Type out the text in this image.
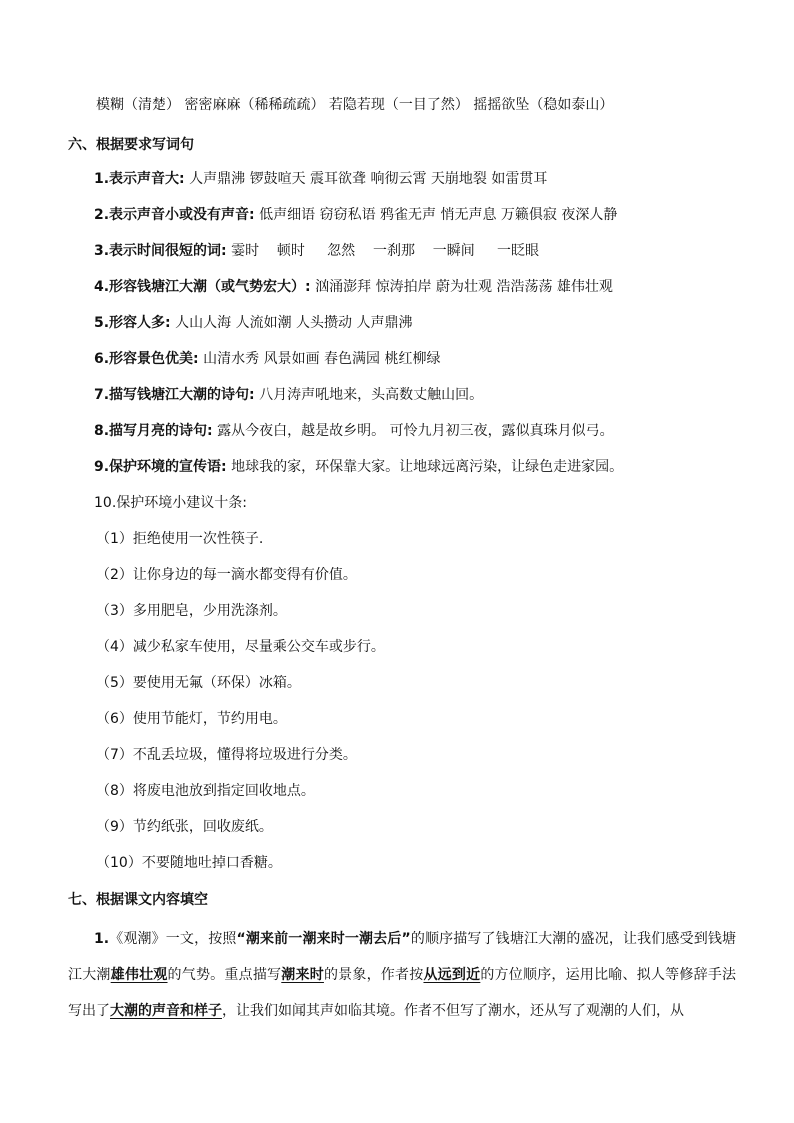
模糊（清楚） 密密麻麻（稀稀疏疏） 若隐若现（一目了然） 摇摇欲坠（稳如泰山）
六、根据要求写词句
1.表示声音大: 人声鼎沸 锣鼓喧天 震耳欲聋 响彻云霄 天崩地裂 如雷贯耳
2.表示声音小或没有声音: 低声细语 窃窃私语 鸦雀无声 悄无声息 万籁俱寂 夜深人静
3.表示时间很短的词: 霎时    顿时     忽然    一刹那    一瞬间     一眨眼
4.形容钱塘江大潮（或气势宏大）: 汹涌澎拜 惊涛拍岸 蔚为壮观 浩浩荡荡 雄伟壮观
5.形容人多: 人山人海 人流如潮 人头攒动 人声鼎沸
6.形容景色优美: 山清水秀 风景如画 春色满园 桃红柳绿
7.描写钱塘江大潮的诗句: 八月涛声吼地来，头高数丈触山回。
8.描写月亮的诗句: 露从今夜白，越是故乡明。 可怜九月初三夜，露似真珠月似弓。
9.保护环境的宣传语: 地球我的家，环保靠大家。让地球远离污染，让绿色走进家园。
10.保护环境小建议十条:
（1）拒绝使用一次性筷子.
（2）让你身边的每一滴水都变得有价值。
（3）多用肥皂，少用洗涤剂。
（4）减少私家车使用，尽量乘公交车或步行。
（5）要使用无氟（环保）冰箱。
（6）使用节能灯，节约用电。
（7）不乱丢垃圾，懂得将垃圾进行分类。
（8）将废电池放到指定回收地点。
（9）节约纸张，回收废纸。
（10）不要随地吐掉口香糖。
七、根据课文内容填空
1.《观潮》一文，按照“潮来前一潮来时一潮去后”的顺序描写了钱塘江大潮的盛况，让我们感受到钱塘江大潮雄伟壮观的气势。重点描写潮来时的景象，作者按从远到近的方位顺序，运用比喻、拟人等修辞手法写出了大潮的声音和样子，让我们如闻其声如临其境。作者不但写了潮水，还从写了观潮的人们，从
